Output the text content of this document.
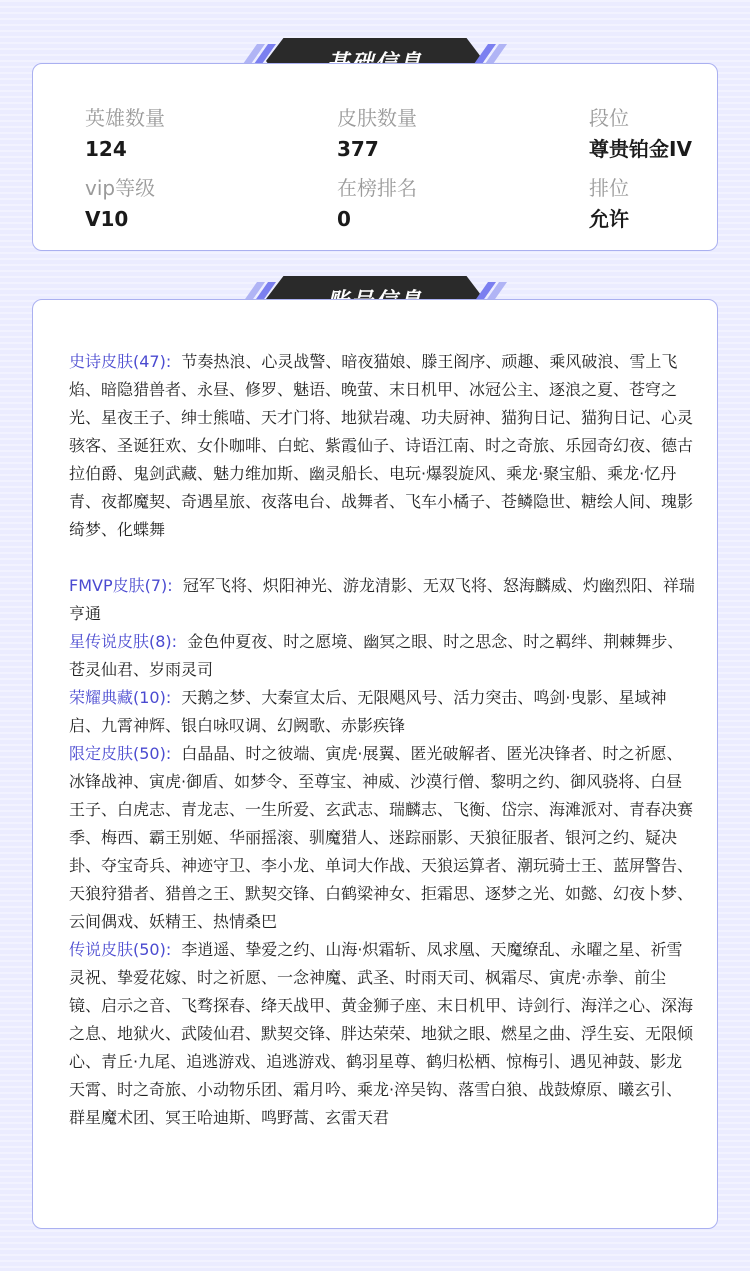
英雄数量
124
皮肤数量
377
段位
尊贵铂金IV
vip等级
V10
在榜排名
0
排位
允许

史诗皮肤(47): 节奏热浪、心灵战警、暗夜猫娘、滕王阁序、顽趣、乘风破浪、雪上飞焰、暗隐猎兽者、永昼、修罗、魅语、晚萤、末日机甲、冰冠公主、逐浪之夏、苍穹之光、星夜王子、绅士熊喵、天才门将、地狱岩魂、功夫厨神、猫狗日记、猫狗日记、心灵骇客、圣诞狂欢、女仆咖啡、白蛇、紫霞仙子、诗语江南、时之奇旅、乐园奇幻夜、德古拉伯爵、鬼剑武藏、魅力维加斯、幽灵船长、电玩·爆裂旋风、乘龙·聚宝船、乘龙·忆丹青、夜都魔契、奇遇星旅、夜落电台、战舞者、飞车小橘子、苍鳞隐世、糖绘人间、瑰影绮梦、化蝶舞

FMVP皮肤(7): 冠军飞将、炽阳神光、游龙清影、无双飞将、怒海麟威、灼幽烈阳、祥瑞亨通

星传说皮肤(8): 金色仲夏夜、时之愿境、幽冥之眼、时之思念、时之羁绊、荆棘舞步、苍灵仙君、岁雨灵司

荣耀典藏(10): 天鹅之梦、大秦宣太后、无限飓风号、活力突击、鸣剑·曳影、星域神启、九霄神辉、银白咏叹调、幻阙歌、赤影疾锋

限定皮肤(50): 白晶晶、时之彼端、寅虎·展翼、匿光破解者、匿光决锋者、时之祈愿、冰锋战神、寅虎·御盾、如梦令、至尊宝、神威、沙漠行僧、黎明之约、御风骁将、白昼王子、白虎志、青龙志、一生所爱、玄武志、瑞麟志、飞衡、岱宗、海滩派对、青春决赛季、梅西、霸王别姬、华丽摇滚、驯魔猎人、迷踪丽影、天狼征服者、银河之约、疑决卦、夺宝奇兵、神迹守卫、李小龙、单词大作战、天狼运算者、潮玩骑士王、蓝屏警告、天狼狩猎者、猎兽之王、默契交锋、白鹤梁神女、拒霜思、逐梦之光、如懿、幻夜卜梦、云间偶戏、妖精王、热情桑巴

传说皮肤(50): 李逍遥、挚爱之约、山海·炽霜斩、凤求凰、天魔缭乱、永曜之星、祈雪灵祝、挚爱花嫁、时之祈愿、一念神魔、武圣、时雨天司、枫霜尽、寅虎·赤拳、前尘镜、启示之音、飞骛探春、绛天战甲、黄金狮子座、末日机甲、诗剑行、海洋之心、深海之息、地狱火、武陵仙君、默契交锋、胖达荣荣、地狱之眼、燃星之曲、浮生妄、无限倾心、青丘·九尾、追逃游戏、追逃游戏、鹤羽星尊、鹤归松栖、惊梅引、遇见神鼓、影龙天霄、时之奇旅、小动物乐团、霜月吟、乘龙·淬吴钩、落雪白狼、战鼓燎原、曦玄引、群星魔术团、冥王哈迪斯、鸣野蒿、玄雷天君
